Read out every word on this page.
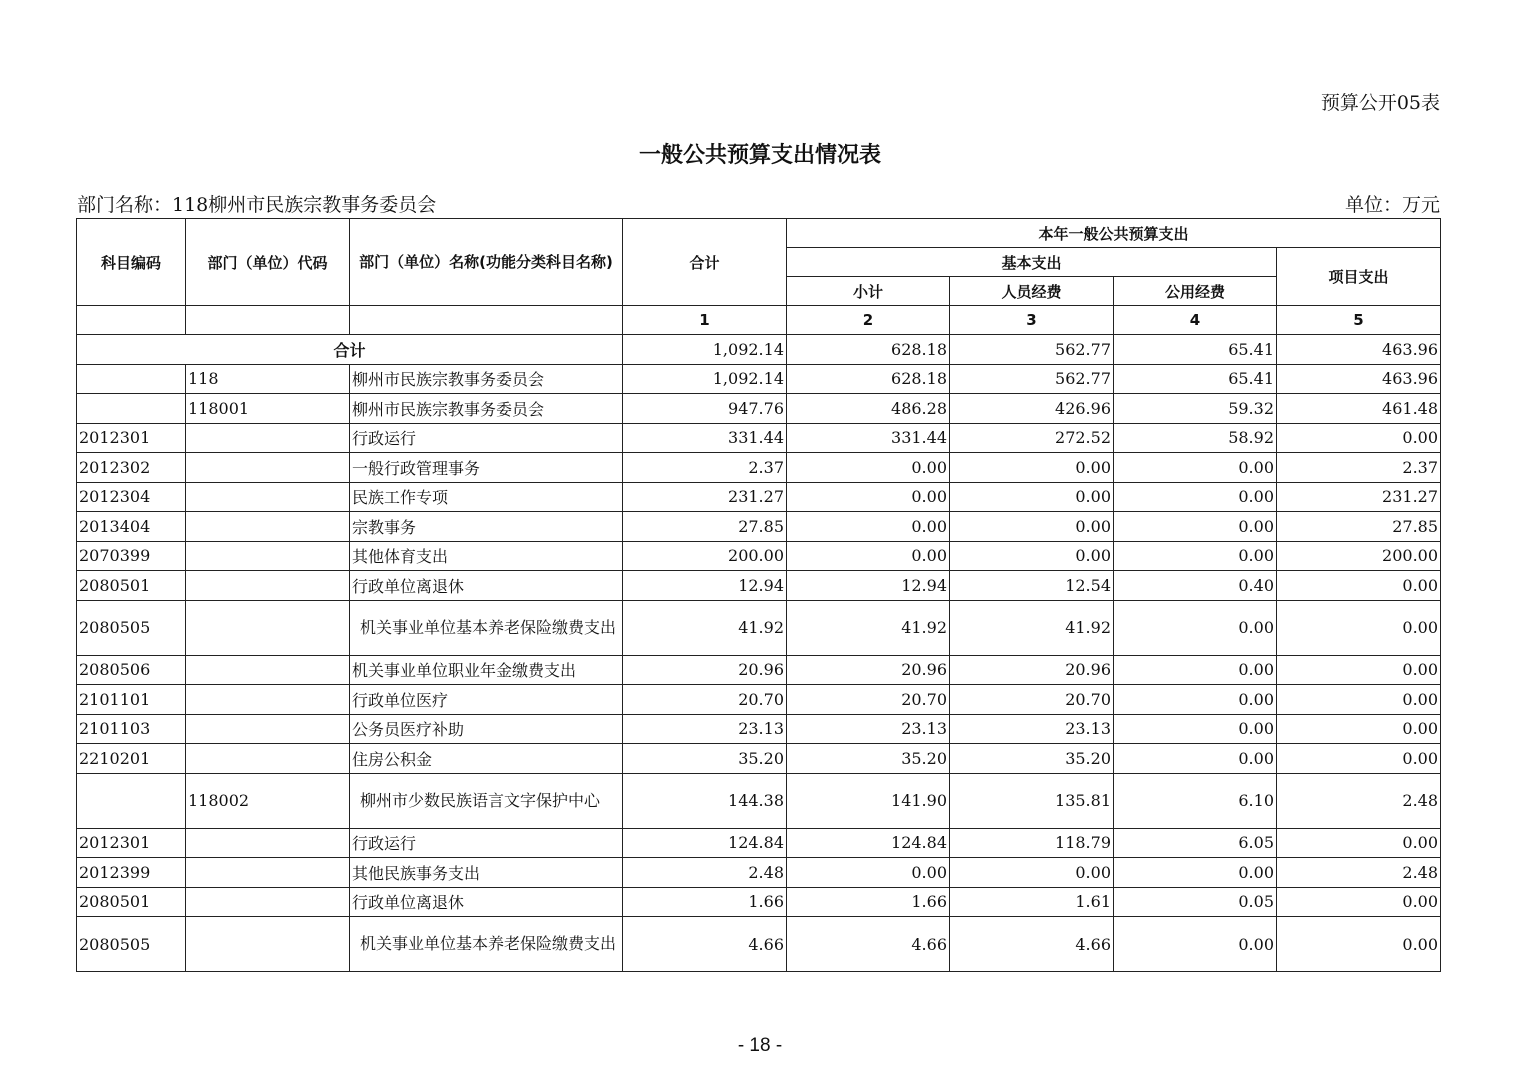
预算公开05表
一般公共预算支出情况表
部门名称：118柳州市民族宗教事务委员会	单位：万元
科目编码	部门（单位）代码	部门（单位）名称(功能分类科目名称)	合计	本年一般公共预算支出			
				基本支出			项目支出
				小计	人员经费	公用经费	
			1	2	3	4	5
合计			1,092.14	628.18	562.77	65.41	463.96
	118	柳州市民族宗教事务委员会	1,092.14	628.18	562.77	65.41	463.96
	118001	柳州市民族宗教事务委员会	947.76	486.28	426.96	59.32	461.48
2012301		行政运行	331.44	331.44	272.52	58.92	0.00
2012302		一般行政管理事务	2.37	0.00	0.00	0.00	2.37
2012304		民族工作专项	231.27	0.00	0.00	0.00	231.27
2013404		宗教事务	27.85	0.00	0.00	0.00	27.85
2070399		其他体育支出	200.00	0.00	0.00	0.00	200.00
2080501		行政单位离退休	12.94	12.94	12.54	0.40	0.00
2080505		机关事业单位基本养老保险缴费支出	41.92	41.92	41.92	0.00	0.00
2080506		机关事业单位职业年金缴费支出	20.96	20.96	20.96	0.00	0.00
2101101		行政单位医疗	20.70	20.70	20.70	0.00	0.00
2101103		公务员医疗补助	23.13	23.13	23.13	0.00	0.00
2210201		住房公积金	35.20	35.20	35.20	0.00	0.00
	118002	柳州市少数民族语言文字保护中心	144.38	141.90	135.81	6.10	2.48
2012301		行政运行	124.84	124.84	118.79	6.05	0.00
2012399		其他民族事务支出	2.48	0.00	0.00	0.00	2.48
2080501		行政单位离退休	1.66	1.66	1.61	0.05	0.00
2080505		机关事业单位基本养老保险缴费支出	4.66	4.66	4.66	0.00	0.00
- 18 -
